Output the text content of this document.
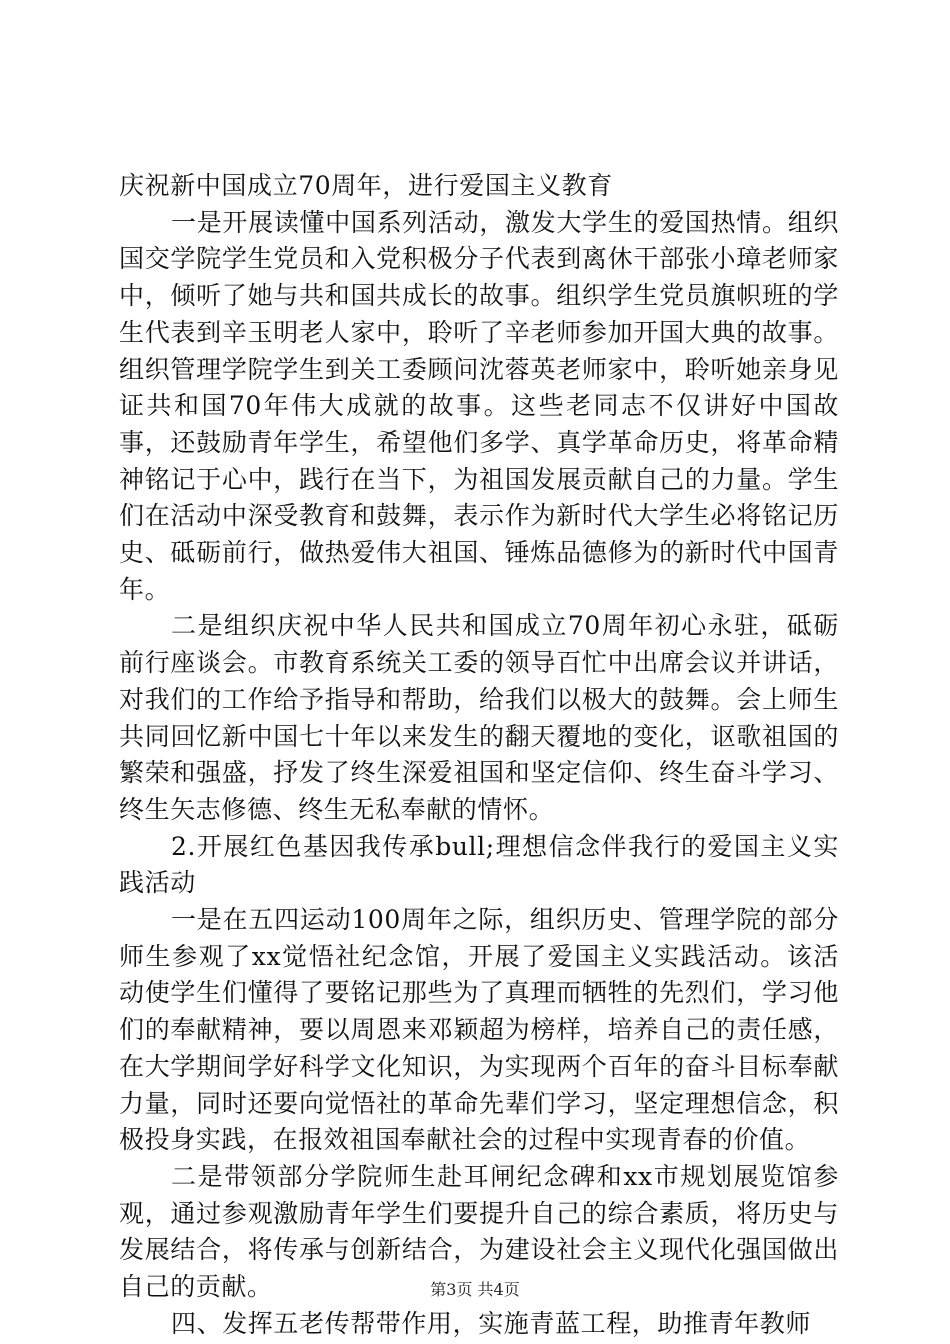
庆祝新中国成立70周年，进行爱国主义教育

一是开展读懂中国系列活动，激发大学生的爱国热情。组织国交学院学生党员和入党积极分子代表到离休干部张小璋老师家中，倾听了她与共和国共成长的故事。组织学生党员旗帜班的学生代表到辛玉明老人家中，聆听了辛老师参加开国大典的故事。组织管理学院学生到关工委顾问沈蓉英老师家中，聆听她亲身见证共和国70年伟大成就的故事。这些老同志不仅讲好中国故事，还鼓励青年学生，希望他们多学、真学革命历史，将革命精神铭记于心中，践行在当下，为祖国发展贡献自己的力量。学生们在活动中深受教育和鼓舞，表示作为新时代大学生必将铭记历史、砥砺前行，做热爱伟大祖国、锤炼品德修为的新时代中国青年。

二是组织庆祝中华人民共和国成立70周年初心永驻，砥砺前行座谈会。市教育系统关工委的领导百忙中出席会议并讲话，对我们的工作给予指导和帮助，给我们以极大的鼓舞。会上师生共同回忆新中国七十年以来发生的翻天覆地的变化，讴歌祖国的繁荣和强盛，抒发了终生深爱祖国和坚定信仰、终生奋斗学习、终生矢志修德、终生无私奉献的情怀。

2.开展红色基因我传承bull;理想信念伴我行的爱国主义实践活动

一是在五四运动100周年之际，组织历史、管理学院的部分师生参观了xx觉悟社纪念馆，开展了爱国主义实践活动。该活动使学生们懂得了要铭记那些为了真理而牺牲的先烈们，学习他们的奉献精神，要以周恩来邓颖超为榜样，培养自己的责任感，在大学期间学好科学文化知识，为实现两个百年的奋斗目标奉献力量，同时还要向觉悟社的革命先辈们学习，坚定理想信念，积极投身实践，在报效祖国奉献社会的过程中实现青春的价值。

二是带领部分学院师生赴耳闸纪念碑和xx市规划展览馆参观，通过参观激励青年学生们要提升自己的综合素质，将历史与发展结合，将传承与创新结合，为建设社会主义现代化强国做出自己的贡献。

四、发挥五老传帮带作用，实施青蓝工程，助推青年教师

第3页 共4页
